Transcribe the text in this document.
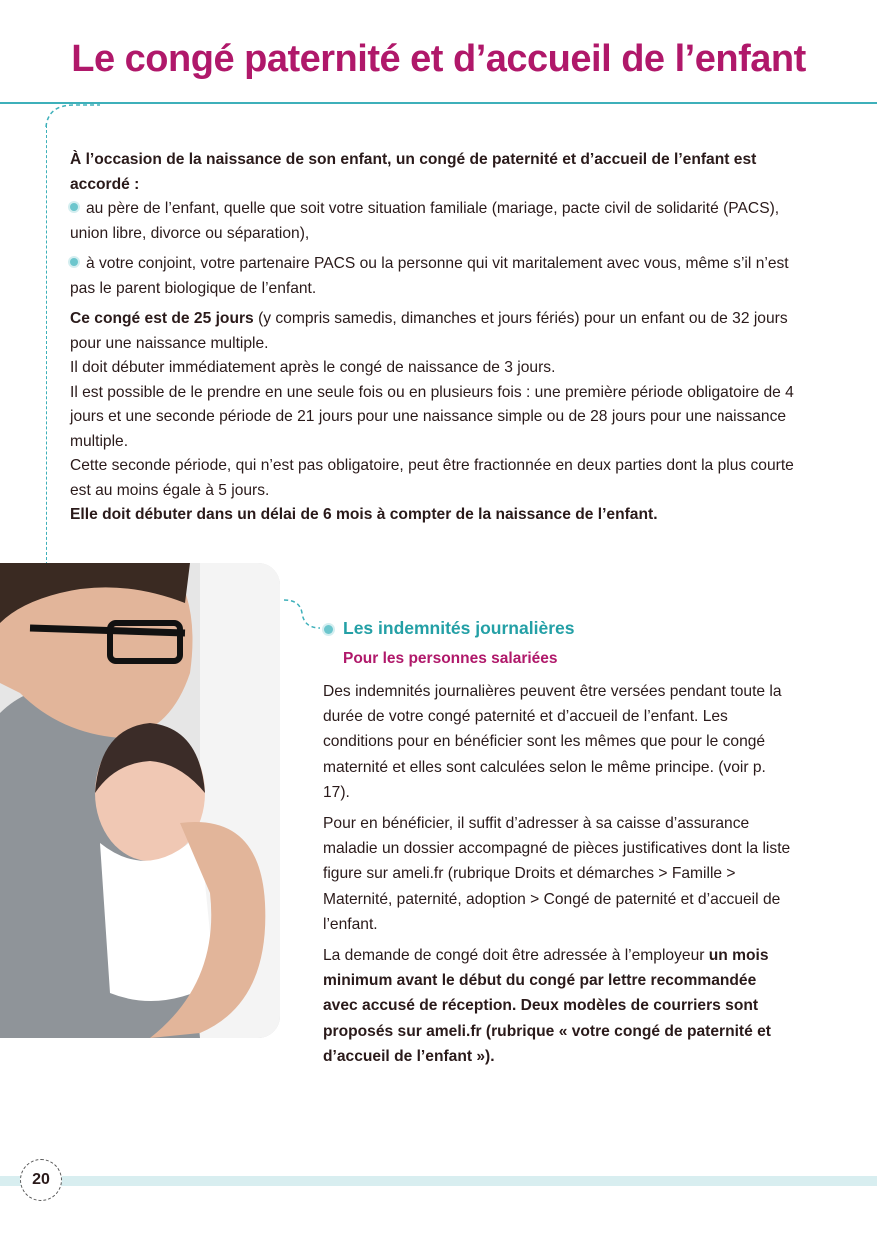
Le congé paternité et d’accueil de l’enfant

À l’occasion de la naissance de son enfant, un congé de paternité et d’accueil de l’enfant est accordé :

au père de l’enfant, quelle que soit votre situation familiale (mariage, pacte civil de solidarité (PACS), union libre, divorce ou séparation),

à votre conjoint, votre partenaire PACS ou la personne qui vit maritalement avec vous, même s’il n’est pas le parent biologique de l’enfant.

Ce congé est de 25 jours (y compris samedis, dimanches et jours fériés) pour un enfant ou de 32 jours pour une naissance multiple.

Il doit débuter immédiatement après le congé de naissance de 3 jours.

Il est possible de le prendre en une seule fois ou en plusieurs fois : une première période obligatoire de 4 jours et une seconde période de 21 jours pour une naissance simple ou de 28 jours pour une naissance multiple.

Cette seconde période, qui n’est pas obligatoire, peut être fractionnée en deux parties dont la plus courte est au moins égale à 5 jours.

Elle doit débuter dans un délai de 6 mois à compter de la naissance de l’enfant.

Les indemnités journalières
Pour les personnes salariées

Des indemnités journalières peuvent être versées pendant toute la durée de votre congé paternité et d’accueil de l’enfant. Les conditions pour en bénéficier sont les mêmes que pour le congé maternité et elles sont calculées selon le même principe. (voir p. 17).

Pour en bénéficier, il suffit d’adresser à sa caisse d’assurance maladie un dossier accompagné de pièces justificatives dont la liste figure sur ameli.fr (rubrique Droits et démarches > Famille > Maternité, paternité, adoption > Congé de paternité et d’accueil de l’enfant.

La demande de congé doit être adressée à l’employeur un mois minimum avant le début du congé par lettre recommandée avec accusé de réception. Deux modèles de courriers sont proposés sur ameli.fr (rubrique « votre congé de paternité et d’accueil de l’enfant »).

20
